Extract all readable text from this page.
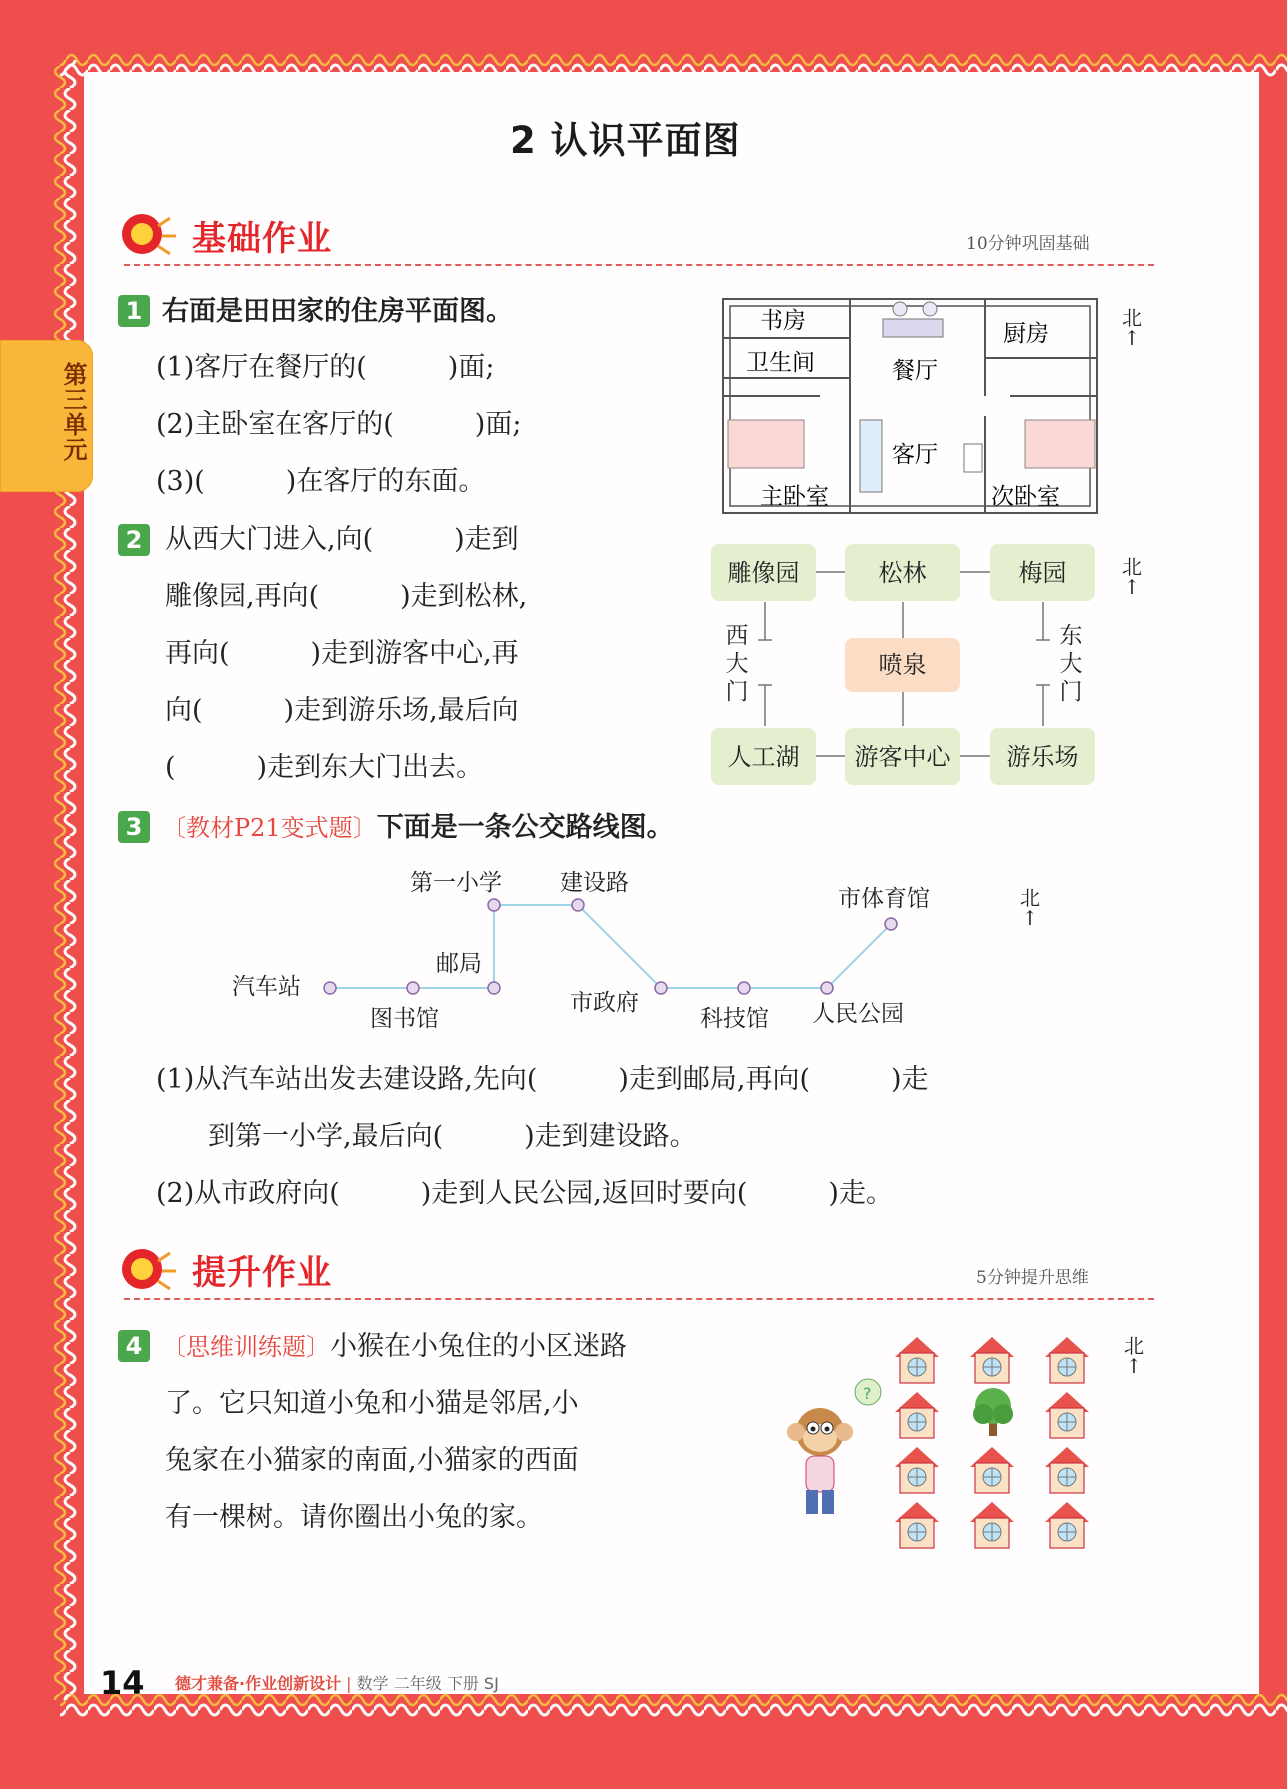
第三单元
2 认识平面图
基础作业	10分钟巩固基础
1 右面是田田家的住房平面图。
(1)客厅在餐厅的(　　　)面;
(2)主卧室在客厅的(　　　)面;
(3)(　　　)在客厅的东面。
书房
卫生间	餐厅
厨房
客厅
主卧室	次卧室
北
↑
2 从西大门进入,向(　　　)走到
雕像园,再向(　　　)走到松林,
再向(　　　)走到游客中心,再
向(　　　)走到游乐场,最后向
(　　　)走到东大门出去。
雕像园	松林	梅园
喷泉
人工湖	游客中心	游乐场
西大门
东大门
北
↑
3 〔教材P21变式题〕下面是一条公交路线图。
汽车站
图书馆
邮局
第一小学	建设路
市政府
科技馆 人民公园
市体育馆	北
↑
(1)从汽车站出发去建设路,先向(　　　)走到邮局,再向(　　　)走
到第一小学,最后向(　　　)走到建设路。
(2)从市政府向(　　　)走到人民公园,返回时要向(　　　)走。
提升作业	5分钟提升思维
4 〔思维训练题〕小猴在小兔住的小区迷路
了。它只知道小兔和小猫是邻居,小
兔家在小猫家的南面,小猫家的西面
有一棵树。请你圈出小兔的家。
?
北
↑
14 德才兼备·作业创新设计 | 数学 二年级 下册 SJ
